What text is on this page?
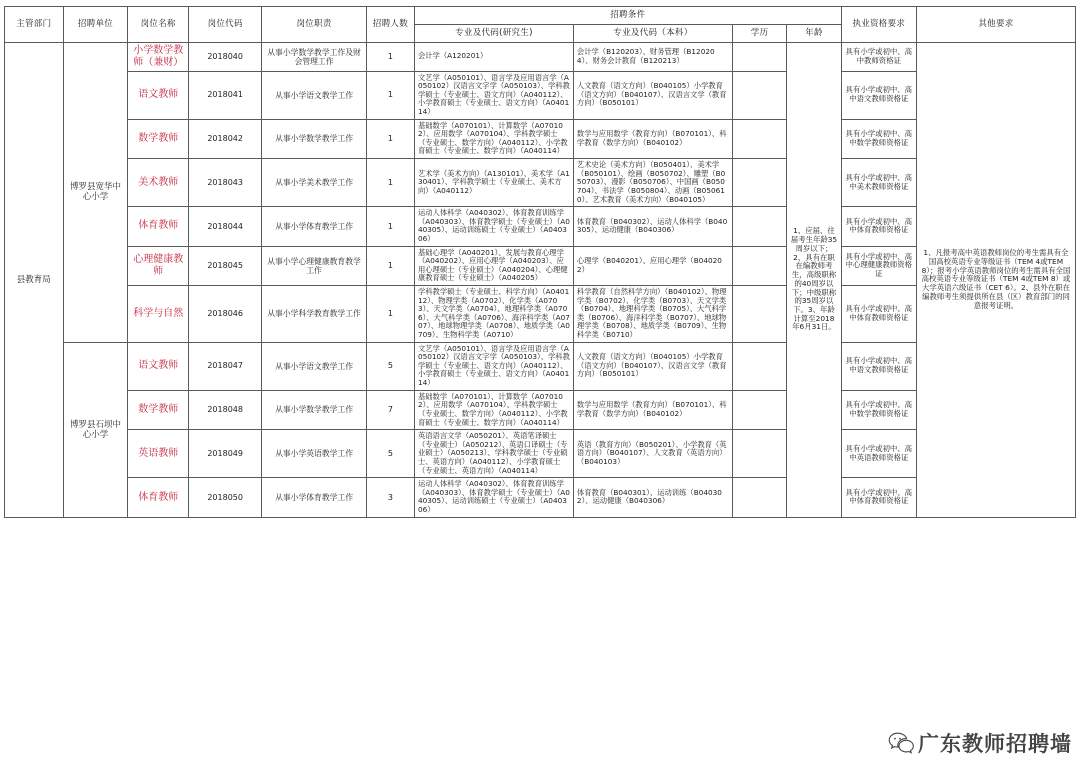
主管部门	招聘单位	岗位名称	岗位代码	岗位职责	招聘人数	招聘条件				执业资格要求	其他要求
						专业及代码(研究生)	专业及代码（本科）	学历	年龄		
县教育局	博罗县宽华中心小学	小学数学教师（兼财）	2018040	从事小学数学教学工作及财会管理工作	1	会计学（A120201）	会计学（B120203）、财务管理（B120204）、财务会计教育（B120213）		1、应届、往届考生年龄35周岁以下；2、具有在职在编教师考生，高级职称的40周岁以下；中级职称的35周岁以下。3、年龄计算至2018年6月31日。	具有小学或初中、高中教师资格证	1、凡报考高中英语教师岗位的考生需具有全国高校英语专业等级证书（TEM 4或TEM 8）；报考小学英语教师岗位的考生需具有全国高校英语专业等级证书（TEM 4或TEM 8）或大学英语六级证书（CET 6）。2、县外在职在编教师考生须提供所在县（区）教育部门的同意报考证明。
		语文教师	2018041	从事小学语文教学工作	1	文艺学（A050101）、语言学及应用语言学（A050102）汉语言文字学（A050103）、学科教学硕士（专业硕士、语文方向）（A040112）、小学教育硕士（专业硕士、语文方向）（A040114）	人文教育（语文方向）（B040105）小学教育（语文方向）（B040107）、汉语言文学（教育方向）（B050101）			具有小学或初中、高中语文教师资格证	
		数学教师	2018042	从事小学数学教学工作	1	基础数学（A070101）、计算数学（A070102）、应用数学（A070104）、学科教学硕士（专业硕士、数学方向）（A040112）、小学教育硕士（专业硕士、数学方向）（A040114）	数学与应用数学（教育方向）（B070101）、科学教育（数学方向）（B040102）			具有小学或初中、高中数学教师资格证	
		美术教师	2018043	从事小学美术教学工作	1	艺术学（美术方向）（A130101）、美术学（A130401）、学科教学硕士（专业硕士、美术方向）（A040112）	艺术史论（美术方向）（B050401）、美术学（B050101）、绘画（B050702）、雕塑（B050703）、漫影（B050706）、中国画（B050704）、书法学（B050804）、动画（B050610）、艺术教育（美术方向）（B040105）			具有小学或初中、高中美术教师资格证	
		体育教师	2018044	从事小学体育教学工作	1	运动人体科学（A040302）、体育教育训练学（A040303）、体育教学硕士（专业硕士）（A040305）、运动训练硕士（专业硕士）（A040306）	体育教育（B040302）、运动人体科学（B040305）、运动健康（B040306）			具有小学或初中、高中体育教师资格证	
		心理健康教师	2018045	从事小学心理健康教育教学工作	1	基础心理学（A040201）、发展与教育心理学（A040202）、应用心理学（A040203）、应用心理硕士（专业硕士）（A040204）、心理健康教育硕士（专业硕士）（A040205）	心理学（B040201）、应用心理学（B040202）			具有小学或初中、高中心理健康教师资格证	
		科学与自然	2018046	从事小学科学教育教学工作	1	学科教学硕士（专业硕士、科学方向）（A040112）、物理学类（A0702）、化学类（A0703）、天文学类（A0704）、地理科学类（A0706）、大气科学类（A0706）、海洋科学类（A0707）、地球物理学类（A0708）、地质学类（A0709）、生物科学类（A0710）	科学教育（自然科学方向）（B040102）、物理学类（B0702）、化学类（B0703）、天文学类（B0704）、地理科学类（B0705）、大气科学类（B0706）、海洋科学类（B0707）、地球物理学类（B0708）、地质学类（B0709）、生物科学类（B0710）			具有小学或初中、高中体育教师资格证	
	博罗县石坝中心小学	语文教师	2018047	从事小学语文教学工作	5	文艺学（A050101）、语言学及应用语言学（A050102）汉语言文字学（A050103）、学科教学硕士（专业硕士、语文方向）（A040112）、小学教育硕士（专业硕士、语文方向）（A040114）	人文教育（语文方向）（B040105）小学教育（语文方向）（B040107）、汉语言文学（教育方向）（B050101）			具有小学或初中、高中语文教师资格证	
		数学教师	2018048	从事小学数学教学工作	7	基础数学（A070101）、计算数学（A070102）、应用数学（A070104）、学科教学硕士（专业硕士、数学方向）（A040112）、小学教育硕士（专业硕士、数学方向）（A040114）	数学与应用数学（教育方向）（B070101）、科学教育（数学方向）（B040102）			具有小学或初中、高中数学教师资格证	
		英语教师	2018049	从事小学英语教学工作	5	英语语言文学（A050201）、英语笔译硕士（专业硕士）（A050212）、英语口译硕士（专业硕士）（A050213）、学科教学硕士（专业硕士、英语方向）（A040112）、小学教育硕士（专业硕士、英语方向）（A040114）	英语（教育方向）（B050201）、小学教育（英语方向）（B040107）、人文教育（英语方向）（B040103）			具有小学或初中、高中英语教师资格证	
		体育教师	2018050	从事小学体育教学工作	3	运动人体科学（A040302）、体育教育训练学（A040303）、体育教学硕士（专业硕士）（A040305）、运动训练硕士（专业硕士）（A040306）	体育教育（B040301）、运动训练（B040302）、运动健康（B040306）			具有小学或初中、高中体育教师资格证	
广东教师招聘墙
